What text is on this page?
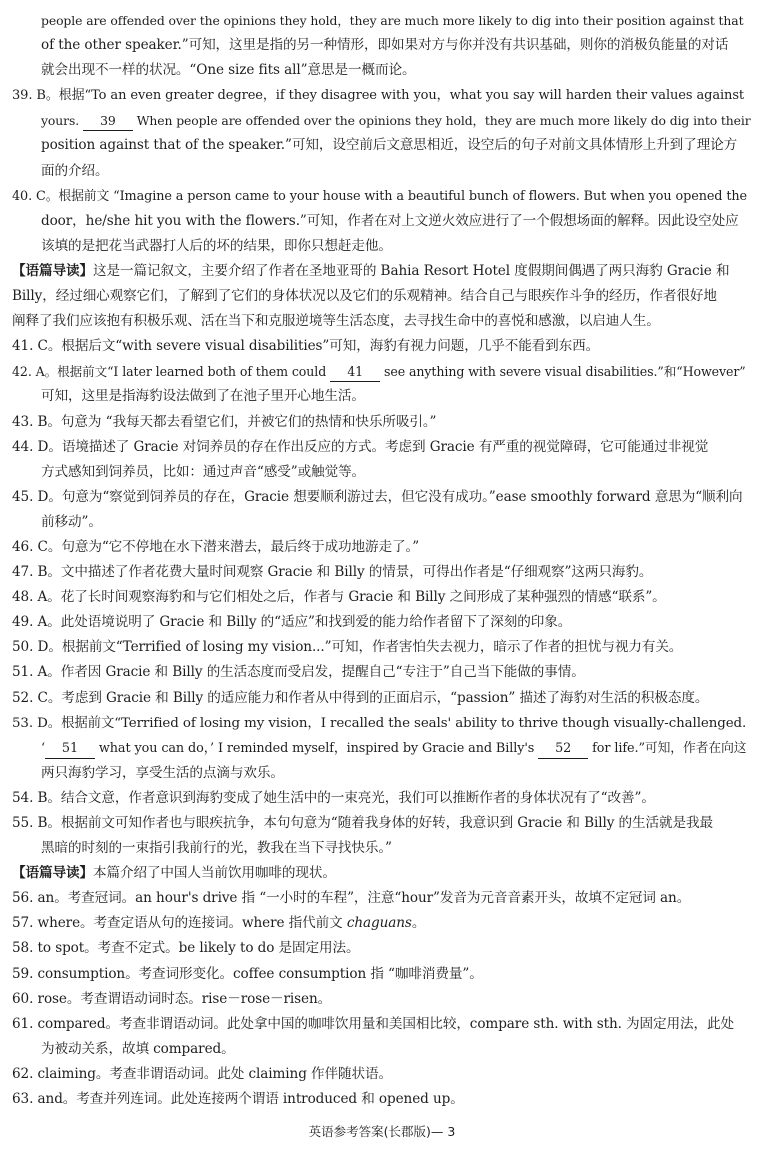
people are offended over the opinions they hold，they are much more likely to dig into their position against that
of the other speaker.”可知，这里是指的另一种情形，即如果对方与你并没有共识基础，则你的消极负能量的对话
就会出现不一样的状况。“One size fits all”意思是一概而论。
39. B。根据“To an even greater degree，if they disagree with you，what you say will harden their values against
yours. 39 When people are offended over the opinions they hold，they are much more likely do dig into their
position against that of the speaker.”可知，设空前后文意思相近，设空后的句子对前文具体情形上升到了理论方
面的介绍。
40. C。根据前文 “Imagine a person came to your house with a beautiful bunch of flowers. But when you opened the
door，he/she hit you with the flowers.”可知，作者在对上文逆火效应进行了一个假想场面的解释。因此设空处应
该填的是把花当武器打人后的坏的结果，即你只想赶走他。
【语篇导读】这是一篇记叙文，主要介绍了作者在圣地亚哥的 Bahia Resort Hotel 度假期间偶遇了两只海豹 Gracie 和
Billy，经过细心观察它们，了解到了它们的身体状况以及它们的乐观精神。结合自己与眼疾作斗争的经历，作者很好地
阐释了我们应该抱有积极乐观、活在当下和克服逆境等生活态度，去寻找生命中的喜悦和感激，以启迪人生。
41. C。根据后文“with severe visual disabilities”可知，海豹有视力问题，几乎不能看到东西。
42. A。根据前文“I later learned both of them could 41 see anything with severe visual disabilities.”和“However”
可知，这里是指海豹设法做到了在池子里开心地生活。
43. B。句意为 “我每天都去看望它们，并被它们的热情和快乐所吸引。”
44. D。语境描述了 Gracie 对饲养员的存在作出反应的方式。考虑到 Gracie 有严重的视觉障碍，它可能通过非视觉
方式感知到饲养员，比如：通过声音“感受”或触觉等。
45. D。句意为“察觉到饲养员的存在，Gracie 想要顺利游过去，但它没有成功。”ease smoothly forward 意思为“顺利向
前移动”。
46. C。句意为“它不停地在水下潜来潜去，最后终于成功地游走了。”
47. B。文中描述了作者花费大量时间观察 Gracie 和 Billy 的情景，可得出作者是“仔细观察”这两只海豹。
48. A。花了长时间观察海豹和与它们相处之后，作者与 Gracie 和 Billy 之间形成了某种强烈的情感“联系”。
49. A。此处语境说明了 Gracie 和 Billy 的“适应”和找到爱的能力给作者留下了深刻的印象。
50. D。根据前文“Terrified of losing my vision...”可知，作者害怕失去视力，暗示了作者的担忧与视力有关。
51. A。作者因 Gracie 和 Billy 的生活态度而受启发，提醒自己“专注于”自己当下能做的事情。
52. C。考虑到 Gracie 和 Billy 的适应能力和作者从中得到的正面启示，“passion” 描述了海豹对生活的积极态度。
53. D。根据前文“Terrified of losing my vision，I recalled the seals' ability to thrive though visually-challenged.
‘ 51 what you can do，’ I reminded myself，inspired by Gracie and Billy's 52 for life.”可知，作者在向这
两只海豹学习，享受生活的点滴与欢乐。
54. B。结合文意，作者意识到海豹变成了她生活中的一束亮光，我们可以推断作者的身体状况有了“改善”。
55. B。根据前文可知作者也与眼疾抗争，本句句意为“随着我身体的好转，我意识到 Gracie 和 Billy 的生活就是我最
黑暗的时刻的一束指引我前行的光，教我在当下寻找快乐。”
【语篇导读】本篇介绍了中国人当前饮用咖啡的现状。
56. an。考查冠词。an hour's drive 指 “一小时的车程”，注意“hour”发音为元音音素开头，故填不定冠词 an。
57. where。考查定语从句的连接词。where 指代前文 chaguans。
58. to spot。考查不定式。be likely to do 是固定用法。
59. consumption。考查词形变化。coffee consumption 指 “咖啡消费量”。
60. rose。考查谓语动词时态。rise－rose－risen。
61. compared。考查非谓语动词。此处拿中国的咖啡饮用量和美国相比较，compare sth. with sth. 为固定用法，此处
为被动关系，故填 compared。
62. claiming。考查非谓语动词。此处 claiming 作伴随状语。
63. and。考查并列连词。此处连接两个谓语 introduced 和 opened up。
英语参考答案(长郡版)— 3
